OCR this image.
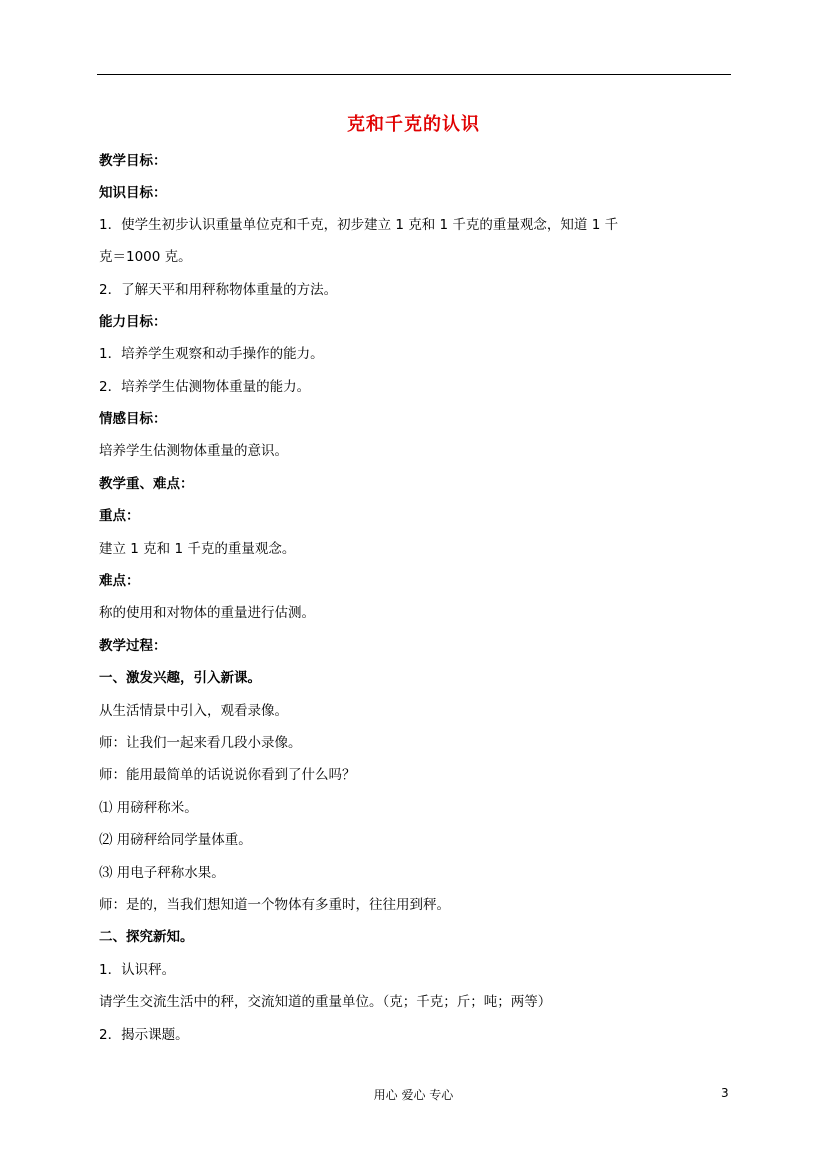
克和千克的认识
教学目标：
知识目标：
1．使学生初步认识重量单位克和千克，初步建立 1 克和 1 千克的重量观念，知道 1 千
克＝1000 克。
2．了解天平和用秤称物体重量的方法。
能力目标：
1．培养学生观察和动手操作的能力。
2．培养学生估测物体重量的能力。
情感目标：
培养学生估测物体重量的意识。
教学重、难点：
重点：
建立 1 克和 1 千克的重量观念。
难点：
称的使用和对物体的重量进行估测。
教学过程：
一、激发兴趣，引入新课。
从生活情景中引入，观看录像。
师：让我们一起来看几段小录像。
师：能用最简单的话说说你看到了什么吗？
⑴ 用磅秤称米。
⑵ 用磅秤给同学量体重。
⑶ 用电子秤称水果。
师：是的，当我们想知道一个物体有多重时，往往用到秤。
二、探究新知。
1．认识秤。
请学生交流生活中的秤，交流知道的重量单位。（克；千克；斤；吨；两等）
2．揭示课题。
用心 爱心 专心	3
